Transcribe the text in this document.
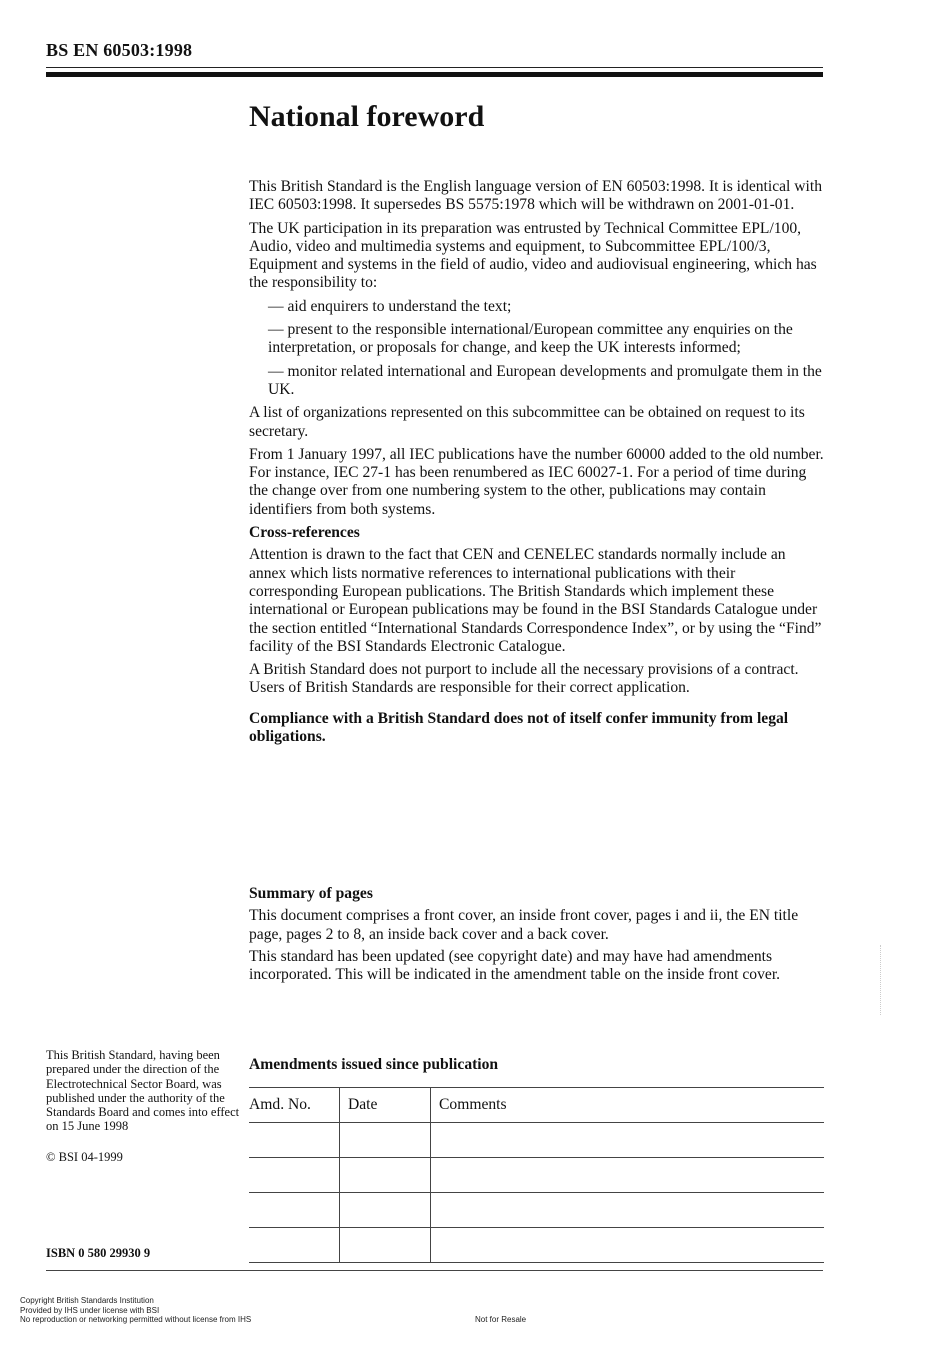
BS EN 60503:1998
National foreword

This British Standard is the English language version of EN 60503:1998. It is identical with IEC 60503:1998. It supersedes BS 5575:1978 which will be withdrawn on 2001-01-01.

The UK participation in its preparation was entrusted by Technical Committee EPL/100, Audio, video and multimedia systems and equipment, to Subcommittee EPL/100/3, Equipment and systems in the field of audio, video and audiovisual engineering, which has the responsibility to:

— aid enquirers to understand the text;

— present to the responsible international/European committee any enquiries on the interpretation, or proposals for change, and keep the UK interests informed;

— monitor related international and European developments and promulgate them in the UK.

A list of organizations represented on this subcommittee can be obtained on request to its secretary.

From 1 January 1997, all IEC publications have the number 60000 added to the old number. For instance, IEC 27-1 has been renumbered as IEC 60027-1. For a period of time during the change over from one numbering system to the other, publications may contain identifiers from both systems.

Cross-references

Attention is drawn to the fact that CEN and CENELEC standards normally include an annex which lists normative references to international publications with their corresponding European publications. The British Standards which implement these international or European publications may be found in the BSI Standards Catalogue under the section entitled “International Standards Correspondence Index”, or by using the “Find” facility of the BSI Standards Electronic Catalogue.

A British Standard does not purport to include all the necessary provisions of a contract. Users of British Standards are responsible for their correct application.

Compliance with a British Standard does not of itself confer immunity from legal obligations.

Summary of pages

This document comprises a front cover, an inside front cover, pages i and ii, the EN title page, pages 2 to 8, an inside back cover and a back cover.

This standard has been updated (see copyright date) and may have had amendments incorporated. This will be indicated in the amendment table on the inside front cover.

This British Standard, having been prepared under the direction of the Electrotechnical Sector Board, was published under the authority of the Standards Board and comes into effect on 15 June 1998

© BSI 04-1999

ISBN 0 580 29930 9
Amendments issued since publication
Amd. No.	Date	Comments

Copyright British Standards Institution

Provided by IHS under license with BSI

No reproduction or networking permitted without license from IHS	Not for Resale
